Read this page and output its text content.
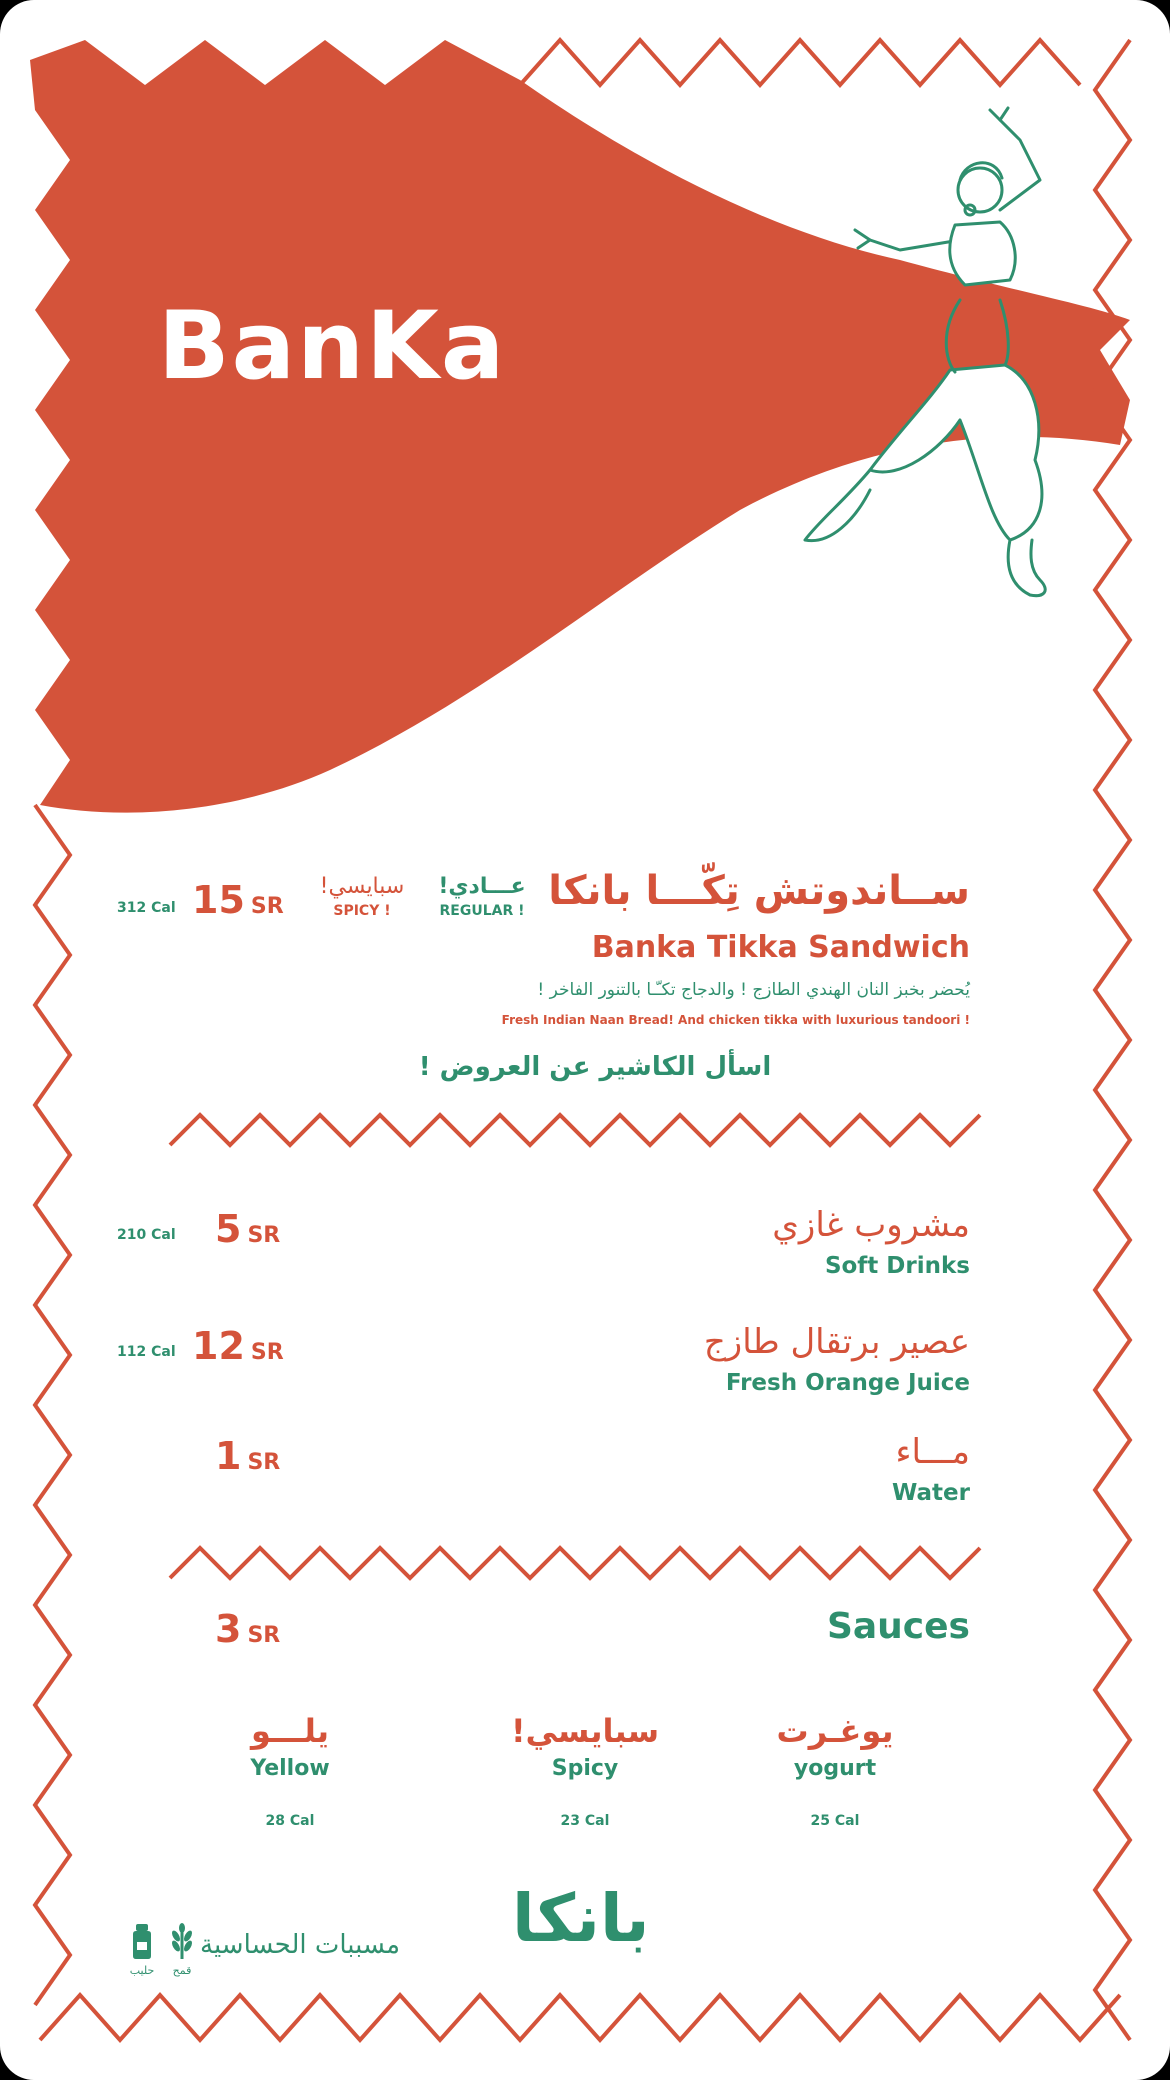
BanKa
ســاندوتش تِكّـــا بانكا
Banka Tikka Sandwich
يُحضر بخبز النان الهندي الطازج ! والدجاج تكـّـا بالتنور الفاخر !
Fresh Indian Naan Bread! And chicken tikka with luxurious tandoori !
عـــادي!
REGULAR !
سبايسي!
SPICY !
15 SR
312 Cal
اسأل الكاشير عن العروض !
مشروب غازي
Soft Drinks
5 SR
210 Cal
عصير برتقال طازج
Fresh Orange Juice
12 SR
112 Cal
مـــاء
Water
1 SR
Sauces
3 SR
يلـــو
Yellow
28 Cal
سبايسي!
Spicy
23 Cal
يوغـرت
yogurt
25 Cal
بانكا
مسببات الحساسية
حليب	قمح
